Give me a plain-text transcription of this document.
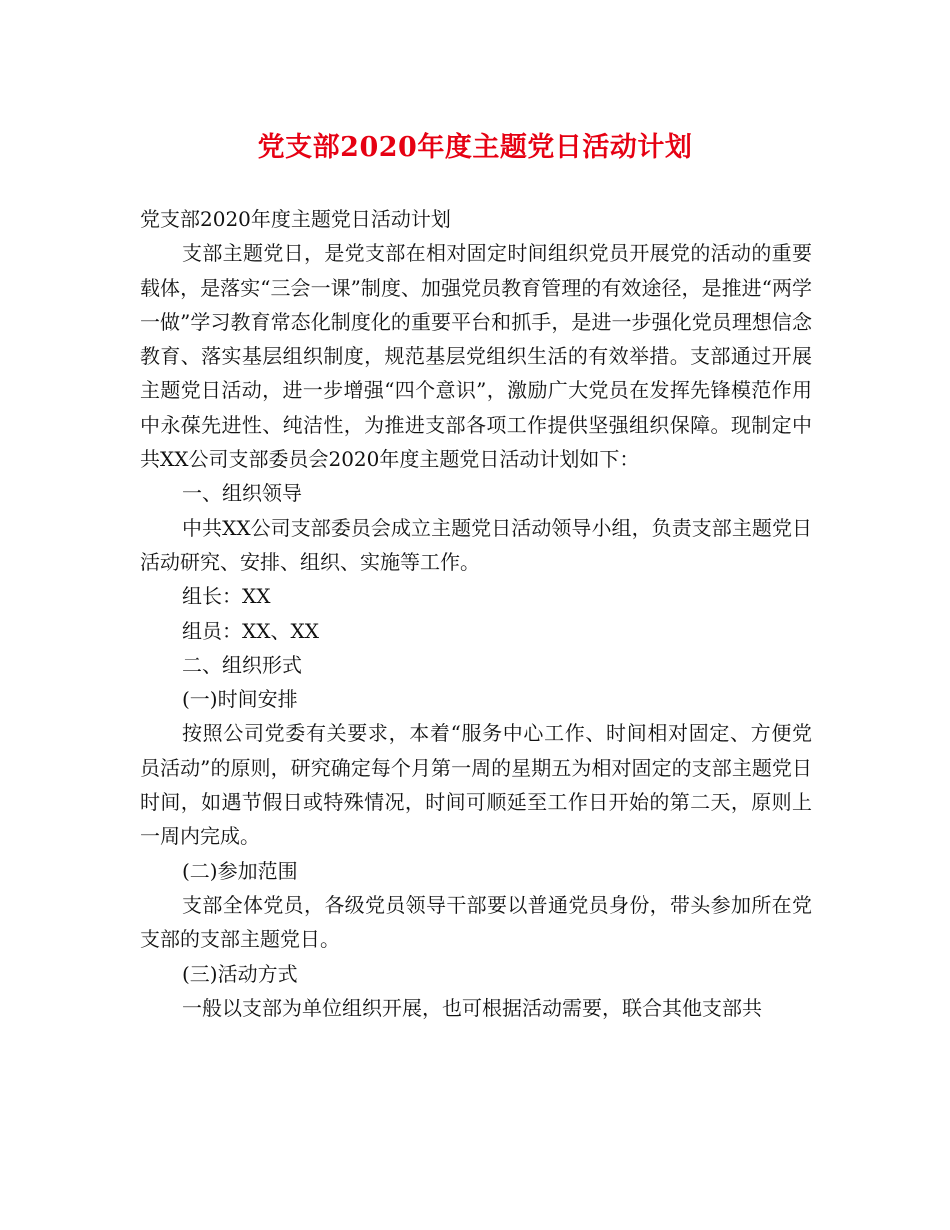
党支部2020年度主题党日活动计划

党支部2020年度主题党日活动计划

支部主题党日，是党支部在相对固定时间组织党员开展党的活动的重要载体，是落实“三会一课”制度、加强党员教育管理的有效途径，是推进“两学一做”学习教育常态化制度化的重要平台和抓手，是进一步强化党员理想信念教育、落实基层组织制度，规范基层党组织生活的有效举措。支部通过开展主题党日活动，进一步增强“四个意识”，激励广大党员在发挥先锋模范作用中永葆先进性、纯洁性，为推进支部各项工作提供坚强组织保障。现制定中共XX公司支部委员会2020年度主题党日活动计划如下：

一、组织领导

中共XX公司支部委员会成立主题党日活动领导小组，负责支部主题党日活动研究、安排、组织、实施等工作。

组长：XX

组员：XX、XX

二、组织形式

(一)时间安排

按照公司党委有关要求，本着“服务中心工作、时间相对固定、方便党员活动”的原则，研究确定每个月第一周的星期五为相对固定的支部主题党日时间，如遇节假日或特殊情况，时间可顺延至工作日开始的第二天，原则上一周内完成。

(二)参加范围

支部全体党员，各级党员领导干部要以普通党员身份，带头参加所在党支部的支部主题党日。

(三)活动方式

一般以支部为单位组织开展，也可根据活动需要，联合其他支部共
